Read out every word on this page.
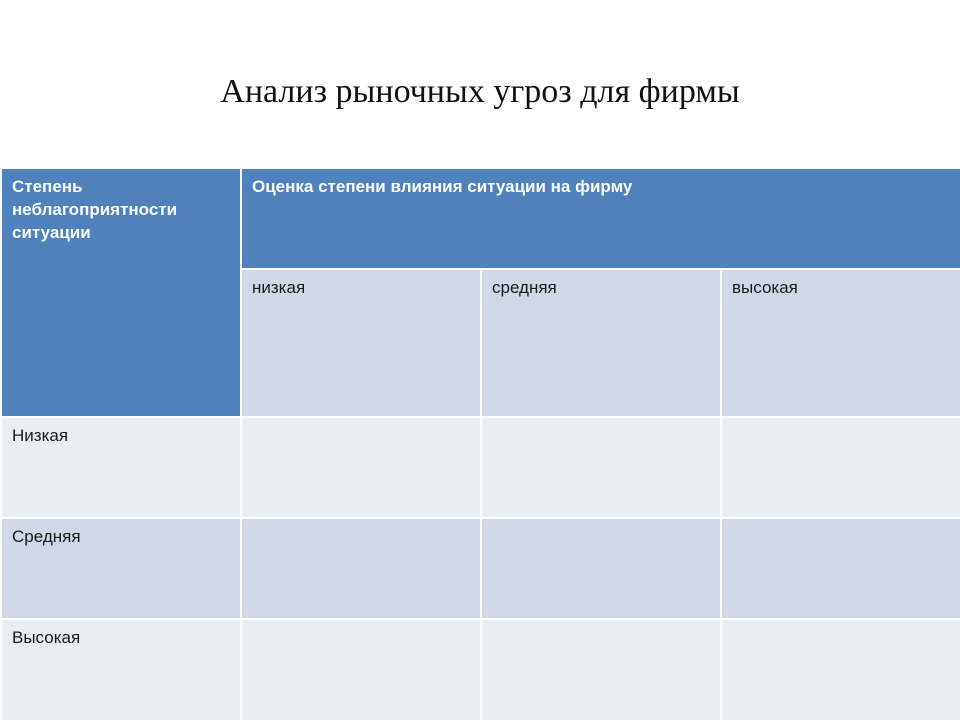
Анализ рыночных угроз для фирмы
Степень неблагоприятности ситуации	Оценка степени влияния ситуации на фирму		
	низкая	средняя	высокая
Низкая			
Средняя			
Высокая			
